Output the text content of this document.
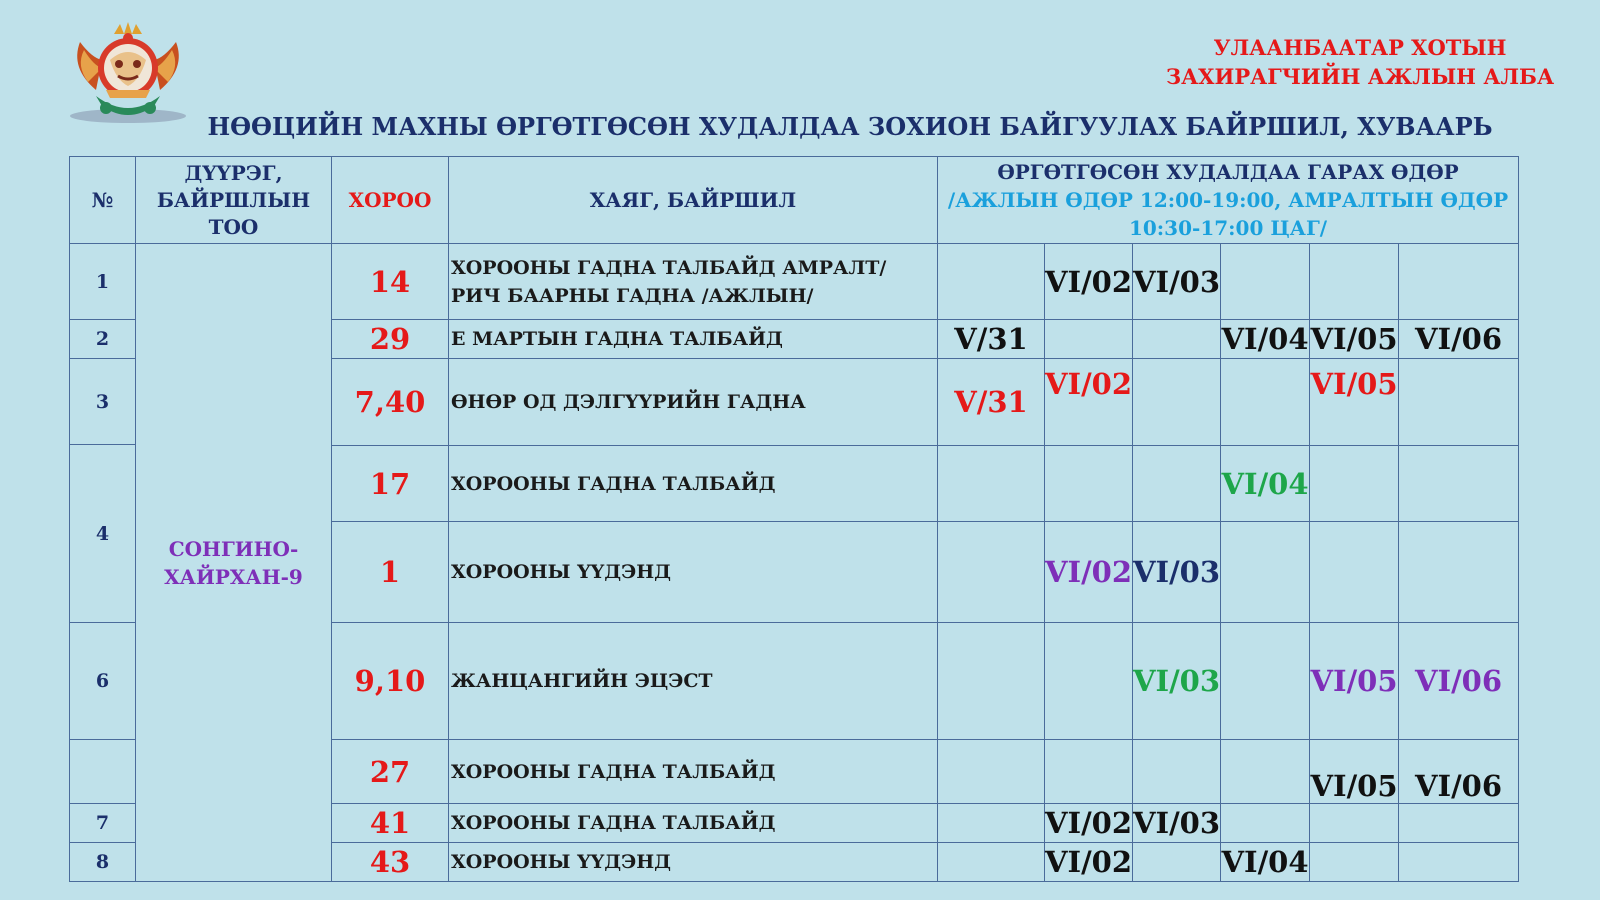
УЛААНБААТАР ХОТЫН
ЗАХИРАГЧИЙН АЖЛЫН АЛБА
НӨӨЦИЙН МАХНЫ ӨРГӨТГӨСӨН ХУДАЛДАА ЗОХИОН БАЙГУУЛАХ БАЙРШИЛ, ХУВААРЬ
№	ДҮҮРЭГ, БАЙРШЛЫН ТОО	ХОРОО	ХАЯГ, БАЙРШИЛ	ӨРГӨТГӨСӨН ХУДАЛДАА ГАРАХ ӨДӨР
/АЖЛЫН ӨДӨР 12:00-19:00, АМРАЛТЫН ӨДӨР 10:30-17:00 ЦАГ/					

1	СОНГИНО- ХАЙРХАН-9	14	ХОРООНЫ ГАДНА ТАЛБАЙД АМРАЛТ/ РИЧ БААРНЫ ГАДНА /АЖЛЫН/		VI/02	VI/03			
2		29	Е МАРТЫН ГАДНА ТАЛБАЙД	V/31			VI/04	VI/05	VI/06
3		7,40	ӨНӨР ОД ДЭЛГҮҮРИЙН ГАДНА	V/31	VI/02			VI/05	
4									
		17	ХОРООНЫ ГАДНА ТАЛБАЙД				VI/04		
		1	ХОРООНЫ ҮҮДЭНД		VI/02	VI/03			
6		9,10	ЖАНЦАНГИЙН ЭЦЭСТ			VI/03		VI/05	VI/06
		27	ХОРООНЫ ГАДНА ТАЛБАЙД					VI/05	VI/06
7		41	ХОРООНЫ ГАДНА ТАЛБАЙД		VI/02	VI/03			
8		43	ХОРООНЫ ҮҮДЭНД		VI/02		VI/04		
